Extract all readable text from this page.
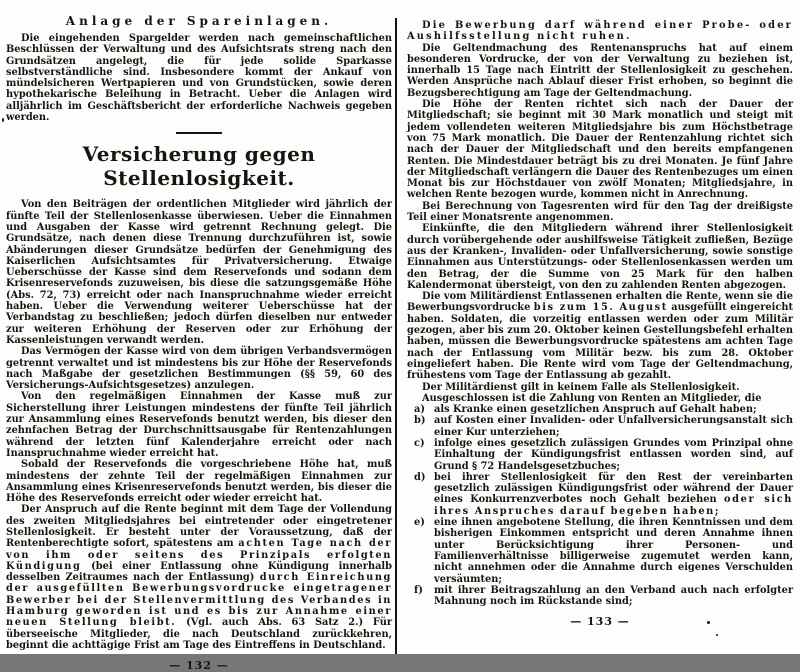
Anlage der Spareinlagen.

Die eingehenden Spargelder werden nach gemeinschaftlichen Beschlüssen der Verwaltung und des Aufsichtsrats streng nach den Grundsätzen angelegt, die für jede solide Sparkasse selbstverständliche sind. Insbesondere kommt der Ankauf von mündelsicheren Wertpapieren und von Grundstücken, sowie deren hypothekarische Beleihung in Betracht. Ueber die Anlagen wird alljährlich im Geschäftsbericht der erforderliche Nachweis gegeben werden.

Versicherung gegen Stellenlosigkeit.

Von den Beiträgen der ordentlichen Mitglieder wird jährlich der fünfte Teil der Stellenlosenkasse überwiesen. Ueber die Einnahmen und Ausgaben der Kasse wird getrennt Rechnung gelegt. Die Grundsätze, nach denen diese Trennung durchzuführen ist, sowie Abänderungen dieser Grundsätze bedürfen der Genehmigung des Kaiserlichen Aufsichtsamtes für Privatversicherung. Etwaige Ueberschüsse der Kasse sind dem Reservefonds und sodann dem Krisenreservefonds zuzuweisen, bis diese die satzungsgemäße Höhe (Abs. 72, 73) erreicht oder nach Inanspruchnahme wieder erreicht haben. Ueber die Verwendung weiterer Ueberschüsse hat der Verbandstag zu beschließen; jedoch dürfen dieselben nur entweder zur weiteren Erhöhung der Reserven oder zur Erhöhung der Kassenleistungen verwandt werden.

Das Vermögen der Kasse wird von dem übrigen Verbandsvermögen getrennt verwaltet und ist mindestens bis zur Höhe der Reservefonds nach Maßgabe der gesetzlichen Bestimmungen (§§ 59, 60 des Versicherungs-Aufsichtsgesetzes) anzulegen.

Von den regelmäßigen Einnahmen der Kasse muß zur Sicherstellung ihrer Leistungen mindestens der fünfte Teil jährlich zur Ansammlung eines Reservefonds benutzt werden, bis dieser den zehnfachen Betrag der Durchschnittsausgabe für Rentenzahlungen während der letzten fünf Kalenderjahre erreicht oder nach Inanspruchnahme wieder erreicht hat.

Sobald der Reservefonds die vorgeschriebene Höhe hat, muß mindestens der zehnte Teil der regelmäßigen Einnahmen zur Ansammlung eines Krisenreservefonds benutzt werden, bis dieser die Höhe des Reservefonds erreicht oder wieder erreicht hat.

Der Anspruch auf die Rente beginnt mit dem Tage der Vollendung des zweiten Mitgliedsjahres bei eintretender oder eingetretener Stellenlosigkeit. Er besteht unter der Voraussetzung, daß der Rentenberechtigte sofort, spätestens am achten Tage nach der von ihm oder seitens des Prinzipals erfolgten Kündigung (bei einer Entlassung ohne Kündigung innerhalb desselben Zeitraumes nach der Entlassung) durch Einreichung der ausgefüllten Bewerbungsvordrucke eingetragener Bewerber bei der Stellenvermittlung des Verbandes in Hamburg geworden ist und es bis zur Annahme einer neuen Stellung bleibt. (Vgl. auch Abs. 63 Satz 2.) Für überseeische Mitglieder, die nach Deutschland zurückkehren, beginnt die achttägige Frist am Tage des Eintreffens in Deutschland.

— 132 —

Die Bewerbung darf während einer Probe- oder Aushilfsstellung nicht ruhen.

Die Geltendmachung des Rentenanspruchs hat auf einem besonderen Vordrucke, der von der Verwaltung zu beziehen ist, innerhalb 15 Tage nach Eintritt der Stellenlosigkeit zu geschehen. Werden Ansprüche nach Ablauf dieser Frist erhoben, so beginnt die Bezugsberechtigung am Tage der Geltendmachung.

Die Höhe der Renten richtet sich nach der Dauer der Mitgliedschaft; sie beginnt mit 30 Mark monatlich und steigt mit jedem vollendeten weiteren Mitgliedsjahre bis zum Höchstbetrage von 75 Mark monatlich. Die Dauer der Rentenzahlung richtet sich nach der Dauer der Mitgliedschaft und den bereits empfangenen Renten. Die Mindestdauer beträgt bis zu drei Monaten. Je fünf Jahre der Mitgliedschaft verlängern die Dauer des Rentenbezuges um einen Monat bis zur Höchstdauer von zwölf Monaten; Mitgliedsjahre, in welchen Rente bezogen wurde, kommen nicht in Anrechnung.

Bei Berechnung von Tagesrenten wird für den Tag der dreißigste Teil einer Monatsrente angenommen.

Einkünfte, die den Mitgliedern während ihrer Stellenlosigkeit durch vorübergehende oder aushilfsweise Tätigkeit zufließen, Bezüge aus der Kranken-, Invaliden- oder Unfallversicherung, sowie sonstige Einnahmen aus Unterstützungs- oder Stellenlosenkassen werden um den Betrag, der die Summe von 25 Mark für den halben Kalendermonat übersteigt, von den zu zahlenden Renten abgezogen.

Die vom Militärdienst Entlassenen erhalten die Rente, wenn sie die Bewerbungsvordrucke bis zum 15. August ausgefüllt eingereicht haben. Soldaten, die vorzeitig entlassen werden oder zum Militär gezogen, aber bis zum 20. Oktober keinen Gestellungsbefehl erhalten haben, müssen die Bewerbungsvordrucke spätestens am achten Tage nach der Entlassung vom Militär bezw. bis zum 28. Oktober eingeliefert haben. Die Rente wird vom Tage der Geltendmachung, frühestens vom Tage der Entlassung ab gezahlt.

Der Militärdienst gilt in keinem Falle als Stellenlosigkeit.

Ausgeschlossen ist die Zahlung von Renten an Mitglieder, die

a) als Kranke einen gesetzlichen Anspruch auf Gehalt haben;
b) auf Kosten einer Invaliden- oder Unfallversicherungsanstalt sich einer Kur unterziehen;
c) infolge eines gesetzlich zulässigen Grundes vom Prinzipal ohne Einhaltung der Kündigungsfrist entlassen worden sind, auf Grund § 72 Handelsgesetzbuches;
d) bei ihrer Stellenlosigkeit für den Rest der vereinbarten gesetzlich zulässigen Kündigungsfrist oder während der Dauer eines Konkurrenzverbotes noch Gehalt beziehen oder sich ihres Anspruches darauf begeben haben;
e) eine ihnen angebotene Stellung, die ihren Kenntnissen und dem bisherigen Einkommen entspricht und deren Annahme ihnen unter Berücksichtigung ihrer Personen- und Familienverhältnisse billigerweise zugemutet werden kann, nicht annehmen oder die Annahme durch eigenes Verschulden versäumten;
f) mit ihrer Beitragszahlung an den Verband auch nach erfolgter Mahnung noch im Rückstande sind;
— 133 —
